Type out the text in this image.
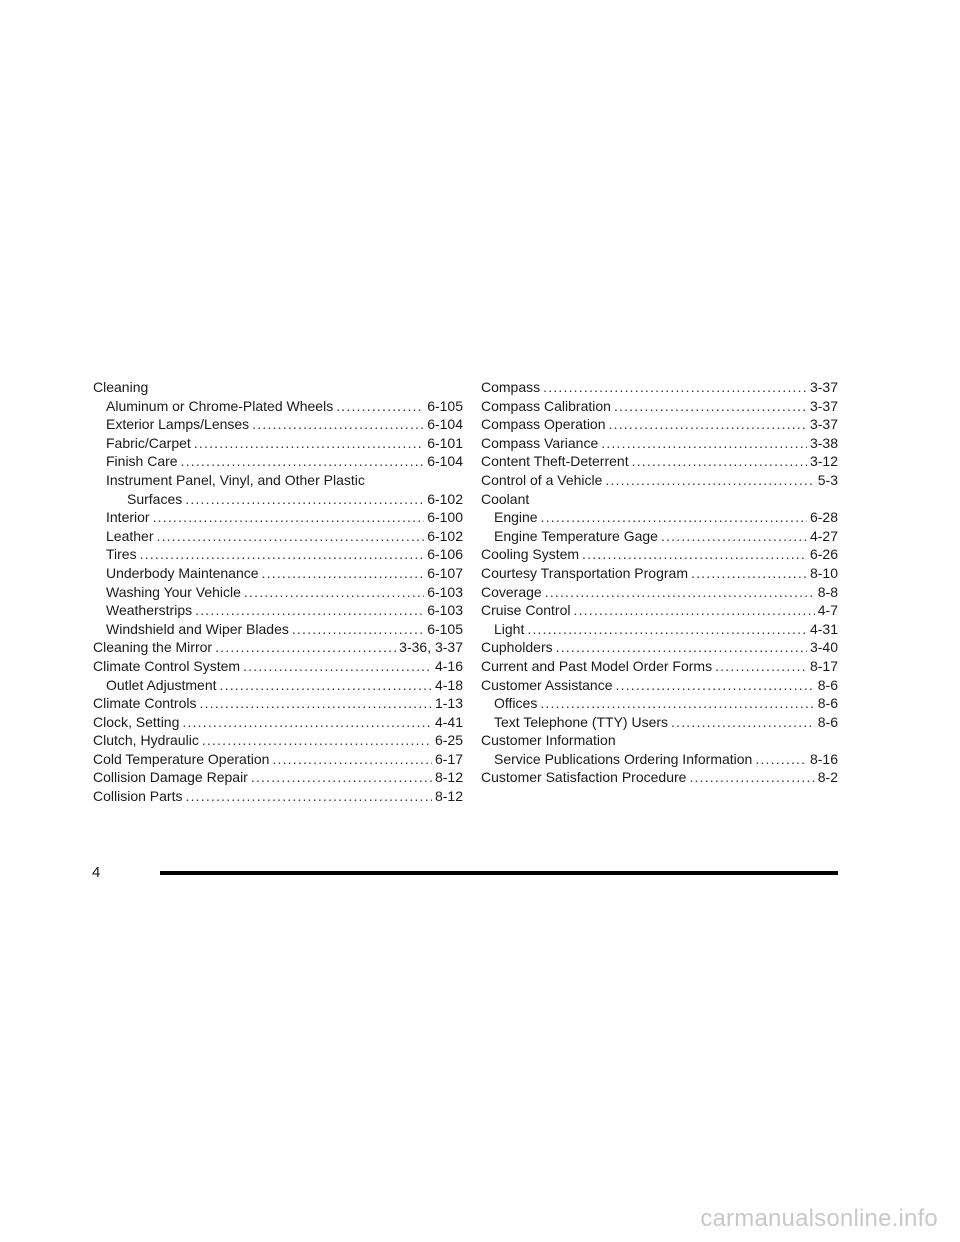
Cleaning
Aluminum or Chrome-Plated Wheels .....	6-105
Exterior Lamps/Lenses .....	6-104
Fabric/Carpet .....	6-101
Finish Care .....	6-104
Instrument Panel, Vinyl, and Other Plastic
Surfaces .....	6-102
Interior .....	6-100
Leather .....	6-102
Tires .....	6-106
Underbody Maintenance .....	6-107
Washing Your Vehicle .....	6-103
Weatherstrips .....	6-103
Windshield and Wiper Blades .....	6-105
Cleaning the Mirror .....	3-36, 3-37
Climate Control System .....	4-16
Outlet Adjustment .....	4-18
Climate Controls .....	1-13
Clock, Setting .....	4-41
Clutch, Hydraulic .....	6-25
Cold Temperature Operation .....	6-17
Collision Damage Repair .....	8-12
Collision Parts .....	8-12
Compass .....	3-37
Compass Calibration .....	3-37
Compass Operation .....	3-37
Compass Variance .....	3-38
Content Theft-Deterrent .....	3-12
Control of a Vehicle .....	5-3
Coolant
Engine .....	6-28
Engine Temperature Gage .....	4-27
Cooling System .....	6-26
Courtesy Transportation Program .....	8-10
Coverage .....	8-8
Cruise Control .....	4-7
Light .....	4-31
Cupholders .....	3-40
Current and Past Model Order Forms .....	8-17
Customer Assistance .....	8-6
Offices .....	8-6
Text Telephone (TTY) Users .....	8-6
Customer Information
Service Publications Ordering Information .....	8-16
Customer Satisfaction Procedure .....	8-2
4
carmanualsonline.info
